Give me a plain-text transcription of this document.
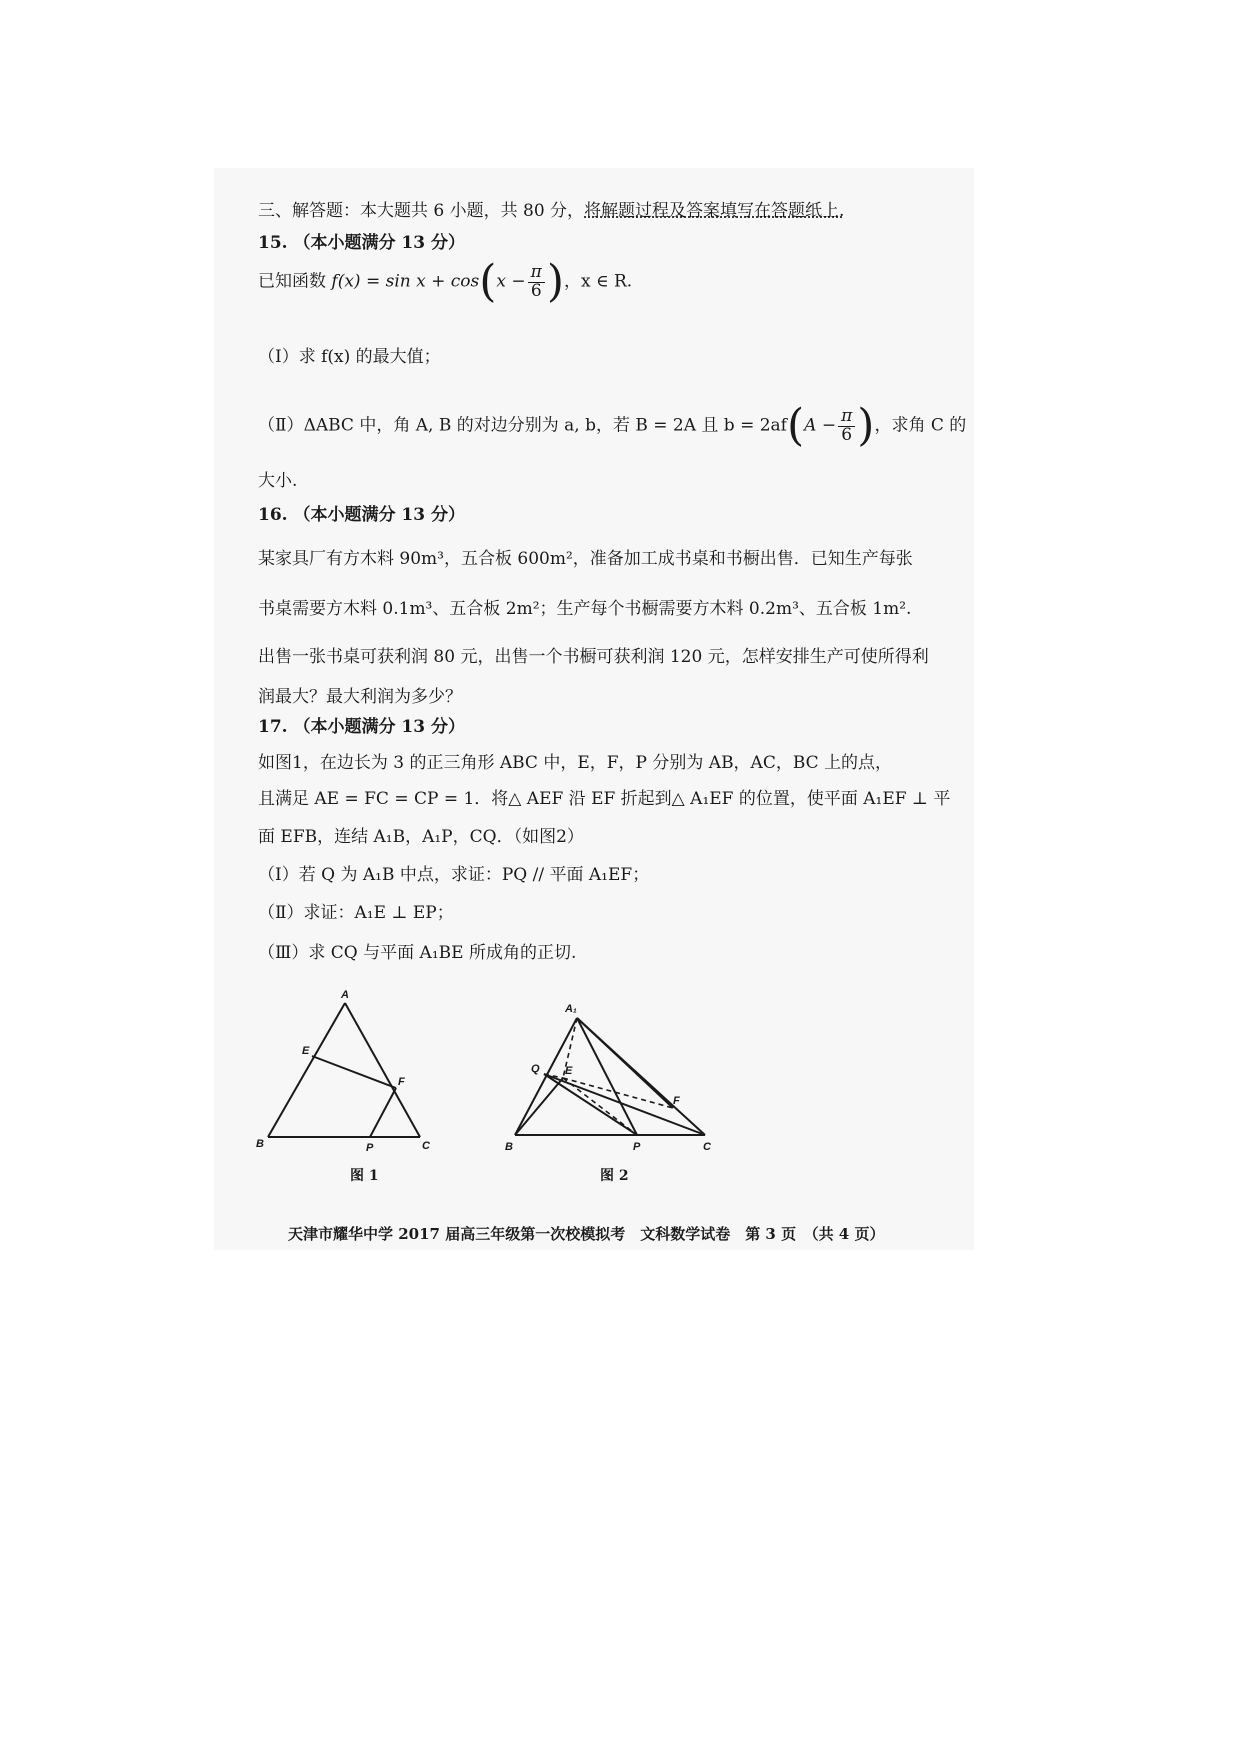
三、解答题：本大题共 6 小题，共 80 分，将解题过程及答案填写在答题纸上.
15. （本小题满分 13 分）
已知函数 $f(x) = \sin x + \cos(x - \frac{\pi}{6}$ )，x ∈ R.
（Ⅰ）求 f(x) 的最大值；
（Ⅱ）ΔABC 中，角 A, B 的对边分别为 a, b，若 B = 2A 且 $b = 2af(A - \frac{\pi}{6}$ )，求角 C 的
大小.
16. （本小题满分 13 分）
某家具厂有方木料 90m³，五合板 600m²，准备加工成书桌和书橱出售．已知生产每张
书桌需要方木料 0.1m³、五合板 2m²；生产每个书橱需要方木料 0.2m³、五合板 1m².
出售一张书桌可获利润 80 元，出售一个书橱可获利润 120 元，怎样安排生产可使所得利
润最大？最大利润为多少？
17. （本小题满分 13 分）
如图1，在边长为 3 的正三角形 ABC 中，E，F，P 分别为 AB，AC，BC 上的点，
且满足 AE = FC = CP = 1．将△ AEF 沿 EF 折起到△ A₁EF 的位置，使平面 A₁EF ⊥ 平
面 EFB，连结 A₁B，A₁P，CQ．（如图2）
（Ⅰ）若 Q 为 A₁B 中点，求证：PQ // 平面 A₁EF；
（Ⅱ）求证：A₁E ⊥ EP；
（Ⅲ）求 CQ 与平面 A₁BE 所成角的正切.
A
E
F
B	P	C
图 1
A₁
Q E
F
B	P	C
图 2
天津市耀华中学 2017 届高三年级第一次校模拟考　文科数学试卷　第 3 页　（共 4 页）
